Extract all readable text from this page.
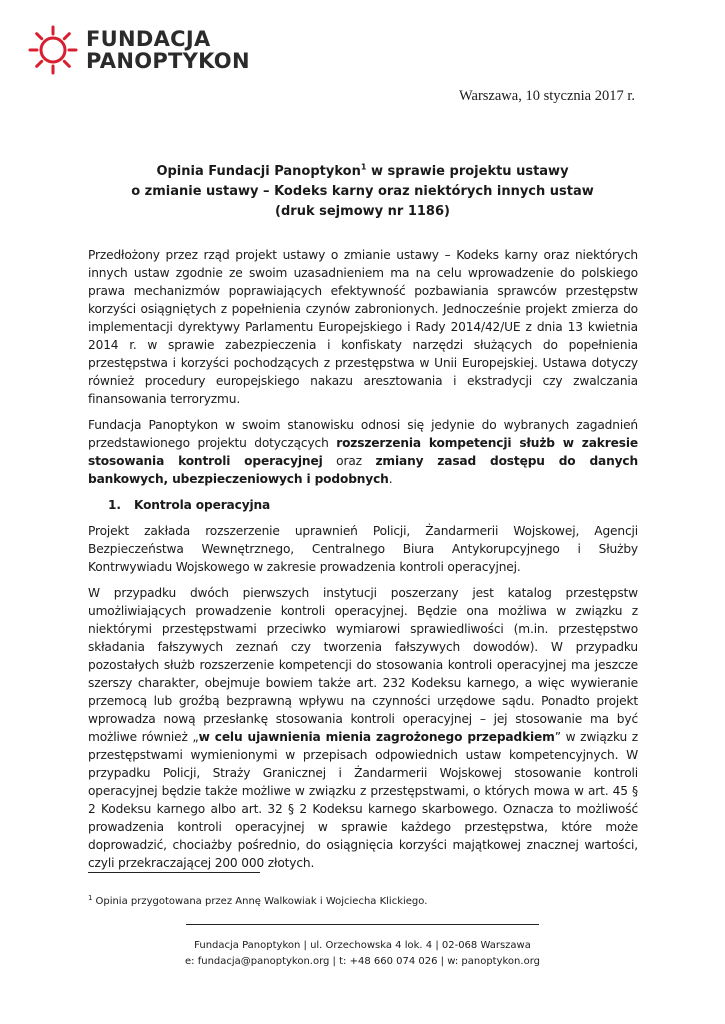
FUNDACJA
PANOPTYKON
Warszawa, 10 stycznia 2017 r.
Opinia Fundacji Panoptykon$^1$ w sprawie projektu ustawy
o zmianie ustawy – Kodeks karny oraz niektórych innych ustaw
(druk sejmowy nr 1186)

Przedłożony przez rząd projekt ustawy o zmianie ustawy – Kodeks karny oraz niektórych innych ustaw zgodnie ze swoim uzasadnieniem ma na celu wprowadzenie do polskiego prawa mechanizmów poprawiających efektywność pozbawiania sprawców przestępstw korzyści osiągniętych z popełnienia czynów zabronionych. Jednocześnie projekt zmierza do implementacji dyrektywy Parlamentu Europejskiego i Rady 2014/42/UE z dnia 13 kwietnia 2014 r. w sprawie zabezpieczenia i konfiskaty narzędzi służących do popełnienia przestępstwa i korzyści pochodzących z przestępstwa w Unii Europejskiej. Ustawa dotyczy również procedury europejskiego nakazu aresztowania i ekstradycji czy zwalczania finansowania terroryzmu.

Fundacja Panoptykon w swoim stanowisku odnosi się jedynie do wybranych zagadnień przedstawionego projektu dotyczących rozszerzenia kompetencji służb w zakresie stosowania kontroli operacyjnej oraz zmiany zasad dostępu do danych bankowych, ubezpieczeniowych i podobnych.

1. Kontrola operacyjna

Projekt zakłada rozszerzenie uprawnień Policji, Żandarmerii Wojskowej, Agencji Bezpieczeństwa Wewnętrznego, Centralnego Biura Antykorupcyjnego i Służby Kontrwywiadu Wojskowego w zakresie prowadzenia kontroli operacyjnej.

W przypadku dwóch pierwszych instytucji poszerzany jest katalog przestępstw umożliwiających prowadzenie kontroli operacyjnej. Będzie ona możliwa w związku z niektórymi przestępstwami przeciwko wymiarowi sprawiedliwości (m.in. przestępstwo składania fałszywych zeznań czy tworzenia fałszywych dowodów). W przypadku pozostałych służb rozszerzenie kompetencji do stosowania kontroli operacyjnej ma jeszcze szerszy charakter, obejmuje bowiem także art. 232 Kodeksu karnego, a więc wywieranie przemocą lub groźbą bezprawną wpływu na czynności urzędowe sądu. Ponadto projekt wprowadza nową przesłankę stosowania kontroli operacyjnej – jej stosowanie ma być możliwe również „w celu ujawnienia mienia zagrożonego przepadkiem” w związku z przestępstwami wymienionymi w przepisach odpowiednich ustaw kompetencyjnych. W przypadku Policji, Straży Granicznej i Żandarmerii Wojskowej stosowanie kontroli operacyjnej będzie także możliwe w związku z przestępstwami, o których mowa w art. 45 § 2 Kodeksu karnego albo art. 32 § 2 Kodeksu karnego skarbowego. Oznacza to możliwość prowadzenia kontroli operacyjnej w sprawie każdego przestępstwa, które może doprowadzić, chociażby pośrednio, do osiągnięcia korzyści majątkowej znacznej wartości, czyli przekraczającej 200 000 złotych.

$^1$ Opinia przygotowana przez Annę Walkowiak i Wojciecha Klickiego.
Fundacja Panoptykon | ul. Orzechowska 4 lok. 4 | 02-068 Warszawa
e: fundacja@panoptykon.org | t: +48 660 074 026 | w: panoptykon.org
